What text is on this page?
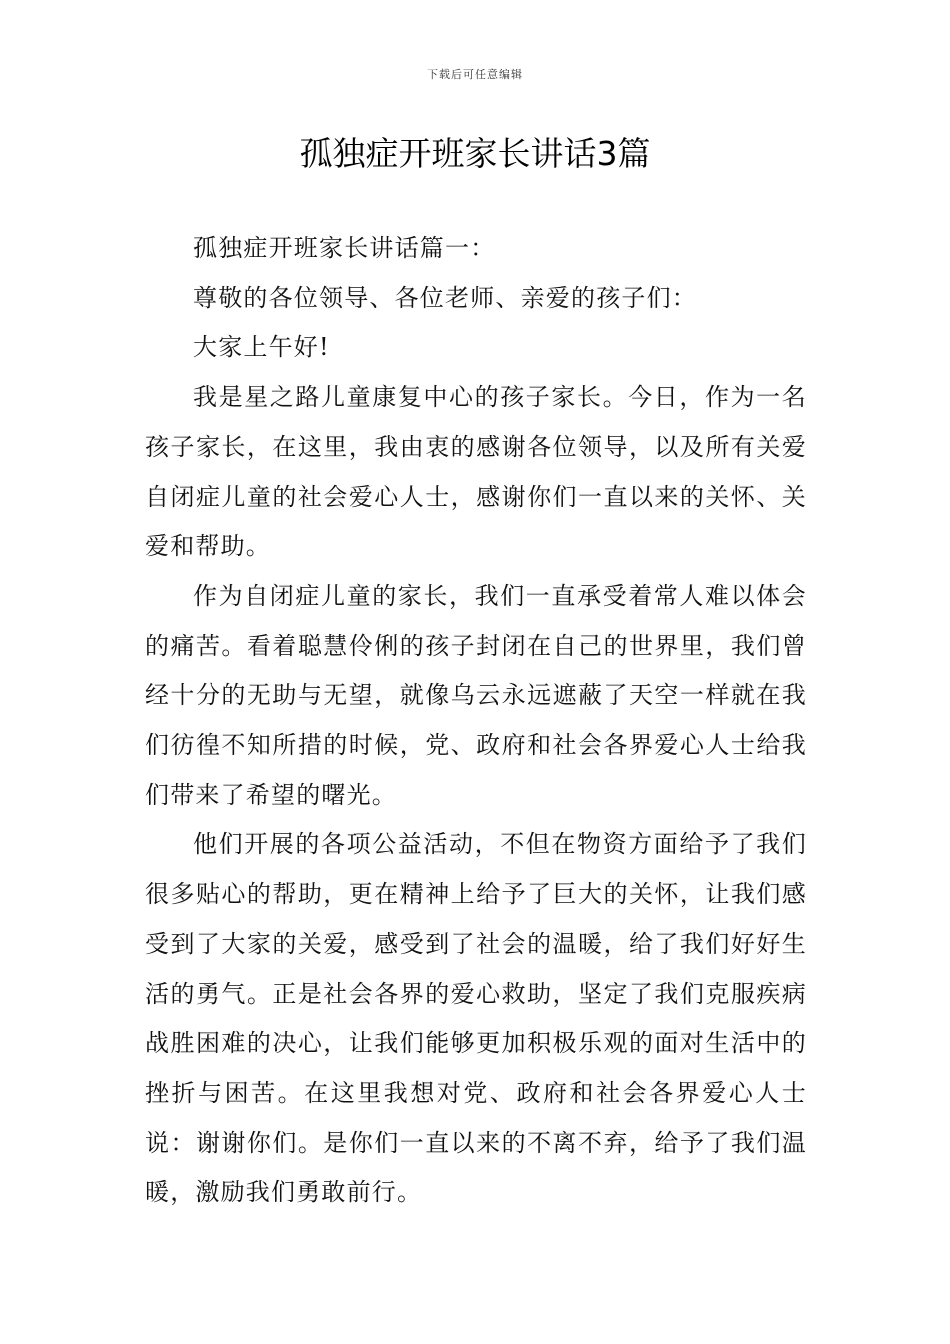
下载后可任意编辑
孤独症开班家长讲话3篇

孤独症开班家长讲话篇一：

尊敬的各位领导、各位老师、亲爱的孩子们：

大家上午好!

我是星之路儿童康复中心的孩子家长。今日，作为一名孩子家长，在这里，我由衷的感谢各位领导，以及所有关爱自闭症儿童的社会爱心人士，感谢你们一直以来的关怀、关爱和帮助。

作为自闭症儿童的家长，我们一直承受着常人难以体会的痛苦。看着聪慧伶俐的孩子封闭在自己的世界里，我们曾经十分的无助与无望，就像乌云永远遮蔽了天空一样就在我们彷徨不知所措的时候，党、政府和社会各界爱心人士给我们带来了希望的曙光。

他们开展的各项公益活动，不但在物资方面给予了我们很多贴心的帮助，更在精神上给予了巨大的关怀，让我们感受到了大家的关爱，感受到了社会的温暖，给了我们好好生活的勇气。正是社会各界的爱心救助，坚定了我们克服疾病战胜困难的决心，让我们能够更加积极乐观的面对生活中的挫折与困苦。在这里我想对党、政府和社会各界爱心人士说：谢谢你们。是你们一直以来的不离不弃，给予了我们温暖，激励我们勇敢前行。
